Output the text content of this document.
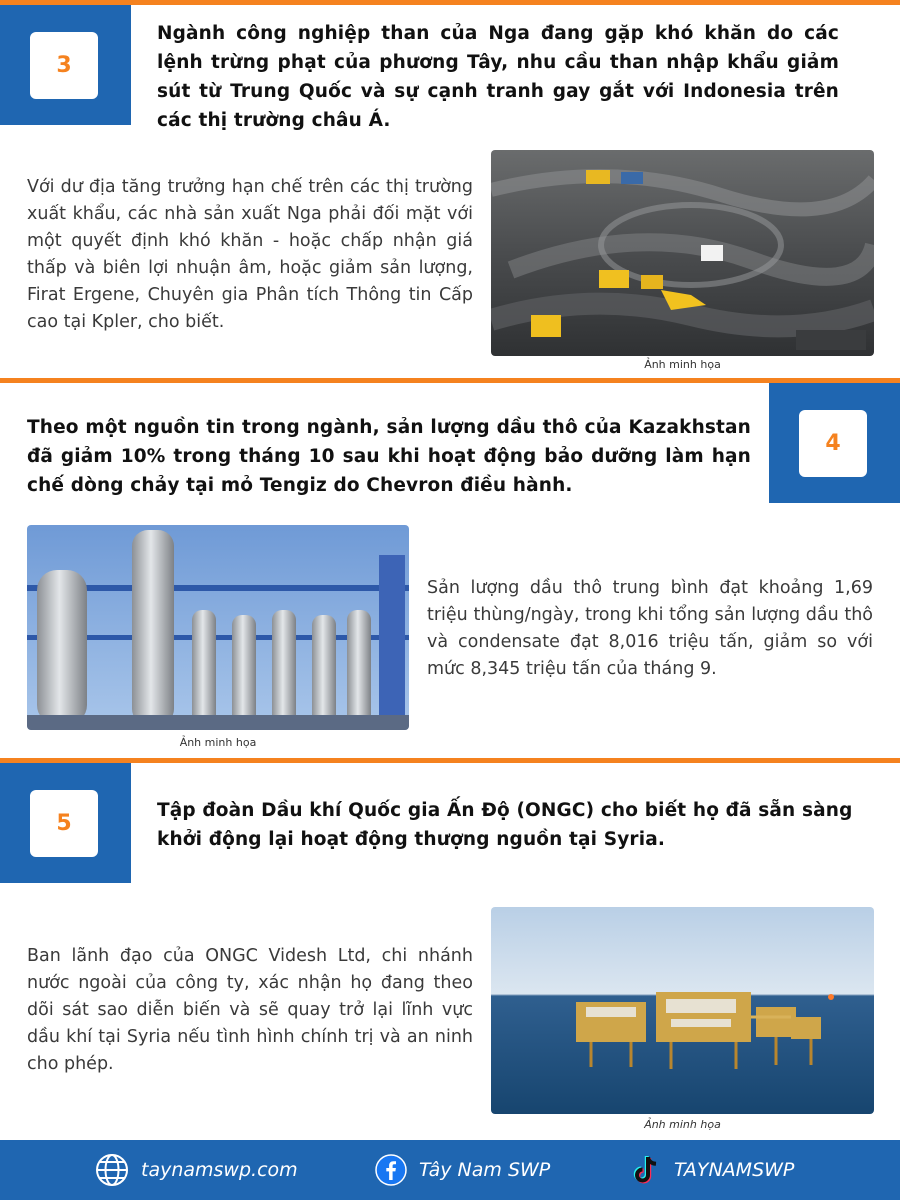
3

Ngành công nghiệp than của Nga đang gặp khó khăn do các lệnh trừng phạt của phương Tây, nhu cầu than nhập khẩu giảm sút từ Trung Quốc và sự cạnh tranh gay gắt với Indonesia trên các thị trường châu Á.

Với dư địa tăng trưởng hạn chế trên các thị trường xuất khẩu, các nhà sản xuất Nga phải đối mặt với một quyết định khó khăn - hoặc chấp nhận giá thấp và biên lợi nhuận âm, hoặc giảm sản lượng, Firat Ergene, Chuyên gia Phân tích Thông tin Cấp cao tại Kpler, cho biết.

Ảnh minh họa
4

Theo một nguồn tin trong ngành, sản lượng dầu thô của Kazakhstan đã giảm 10% trong tháng 10 sau khi hoạt động bảo dưỡng làm hạn chế dòng chảy tại mỏ Tengiz do Chevron điều hành.

Ảnh minh họa

Sản lượng dầu thô trung bình đạt khoảng 1,69 triệu thùng/ngày, trong khi tổng sản lượng dầu thô và condensate đạt 8,016 triệu tấn, giảm so với mức 8,345 triệu tấn của tháng 9.

5

Tập đoàn Dầu khí Quốc gia Ấn Độ (ONGC) cho biết họ đã sẵn sàng khởi động lại hoạt động thượng nguồn tại Syria.

Ban lãnh đạo của ONGC Videsh Ltd, chi nhánh nước ngoài của công ty, xác nhận họ đang theo dõi sát sao diễn biến và sẽ quay trở lại lĩnh vực dầu khí tại Syria nếu tình hình chính trị và an ninh cho phép.

Ảnh minh họa
taynamswp.com	Tây Nam SWP	TAYNAMSWP
